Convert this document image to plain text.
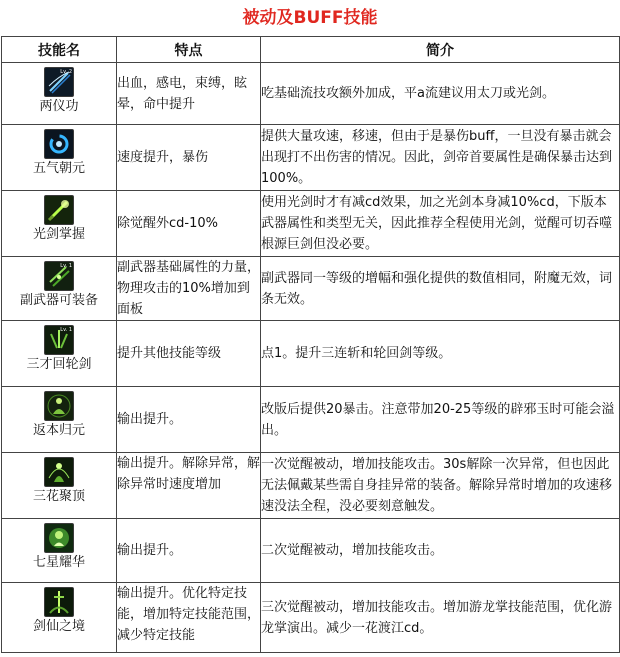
被动及BUFF技能
技能名	特点	简介

Lv. 2
两仪功	出血，感电，束缚，眩晕，命中提升	吃基础流技攻额外加成，平a流建议用太刀或光剑。

五气朝元	速度提升，暴伤	提供大量攻速，移速，但由于是暴伤buff，一旦没有暴击就会出现打不出伤害的情况。因此，剑帝首要属性是确保暴击达到100%。

光剑掌握	除觉醒外cd-10%	使用光剑时才有减cd效果，加之光剑本身减10%cd，下版本武器属性和类型无关，因此推荐全程使用光剑，觉醒可切吞噬根源巨剑但没必要。

Lv. 1
副武器可装备	副武器基础属性的力量，物理攻击的10%增加到面板	副武器同一等级的增幅和强化提供的数值相同，附魔无效，词条无效。

Lv. 1
三才回轮剑	提升其他技能等级	点1。提升三连斩和轮回剑等级。

返本归元	输出提升。	改版后提供20暴击。注意带加20-25等级的辟邪玉时可能会溢出。

三花聚顶	输出提升。解除异常，解除异常时速度增加	一次觉醒被动，增加技能攻击。30s解除一次异常，但也因此无法佩戴某些需自身挂异常的装备。解除异常时增加的攻速移速没法全程，没必要刻意触发。

七星耀华	输出提升。	二次觉醒被动，增加技能攻击。

剑仙之境	输出提升。优化特定技能，增加特定技能范围，减少特定技能	三次觉醒被动，增加技能攻击。增加游龙掌技能范围，优化游龙掌演出。减少一花渡江cd。
